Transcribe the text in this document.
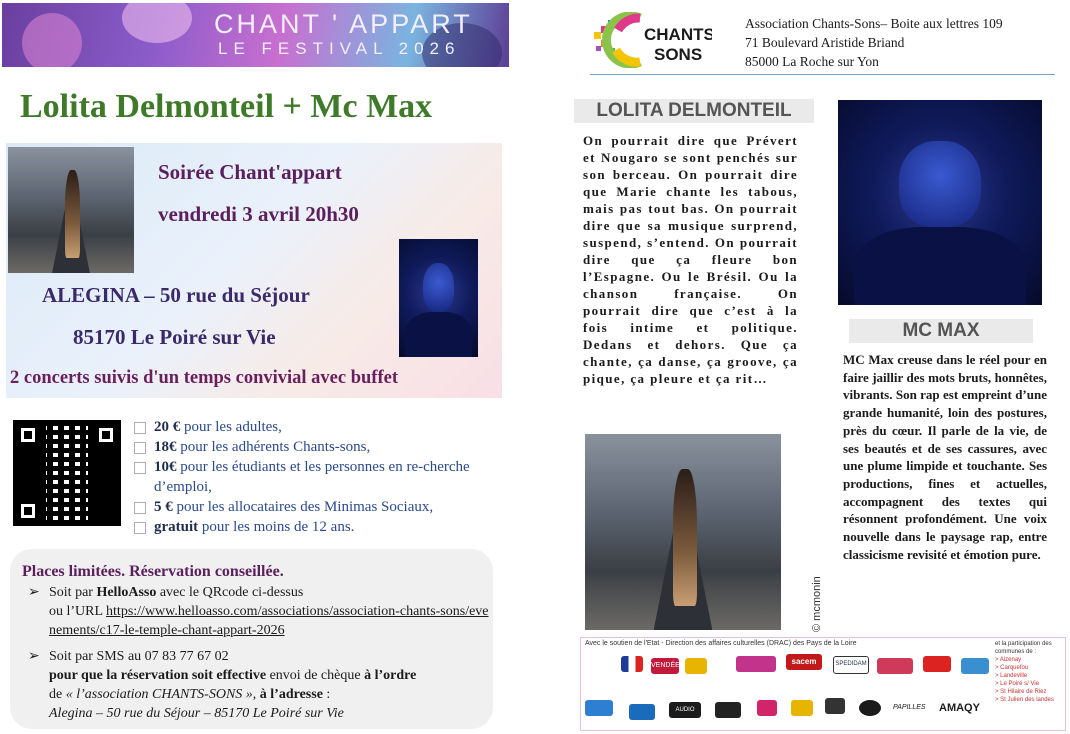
CHANT ' APPART
LE FESTIVAL 2026
Lolita Delmonteil + Mc Max
Soirée Chant'appart
vendredi 3 avril 20h30
ALEGINA – 50 rue du Séjour
85170 Le Poiré sur Vie
2 concerts suivis d'un temps convivial avec buffet
20 € pour les adultes,
18€ pour les adhérents Chants-sons,
10€ pour les étudiants et les personnes en re-cherche d’emploi,
5 € pour les allocataires des Minimas Sociaux,
gratuit pour les moins de 12 ans.
Places limitées. Réservation conseillée.
➢ Soit par HelloAsso avec le QRcode ci-dessus
ou l’URL https://www.helloasso.com/associations/association-chants-sons/evenements/c17-le-temple-chant-appart-2026
➢ Soit par SMS au 07 83 77 67 02
pour que la réservation soit effective envoi de chèque à l’ordre
de « l’association CHANTS-SONS », à l’adresse :
Alegina – 50 rue du Séjour – 85170 Le Poiré sur Vie
CHANTS
SONS
Association Chants-Sons– Boite aux lettres 109
71 Boulevard Aristide Briand
85000 La Roche sur Yon
LOLITA DELMONTEIL
On pourrait dire que Prévert et Nougaro se sont penchés sur son berceau. On pourrait dire que Marie chante les tabous, mais pas tout bas. On pourrait dire que sa musique surprend, suspend, s’entend. On pourrait dire que ça fleure bon l’Espagne. Ou le Brésil. Ou la chanson française. On pourrait dire que c’est à la fois intime et politique. Dedans et dehors. Que ça chante, ça danse, ça groove, ça pique, ça pleure et ça rit…
© mcmonin
MC MAX
MC Max creuse dans le réel pour en faire jaillir des mots bruts, honnêtes, vibrants. Son rap est empreint d’une grande humanité, loin des postures, près du cœur. Il parle de la vie, de ses beautés et de ses cassures, avec une plume limpide et touchante. Ses productions, fines et actuelles, accompagnent des textes qui résonnent profondément. Une voix nouvelle dans le paysage rap, entre classicisme revisité et émotion pure.
Avec le soutien de l'Etat - Direction des affaires culturelles (DRAC) des Pays de la Loire
VENDÉE	sacem	SPEDIDAM
AUDIO SUN
PAPILLES AMAQY
et la participation des communes de :
> Aizenay
> Carquefou
> Landeville
> Le Poiré s/ Vie
> St Hilaire de Riez
> St Julien des landes
